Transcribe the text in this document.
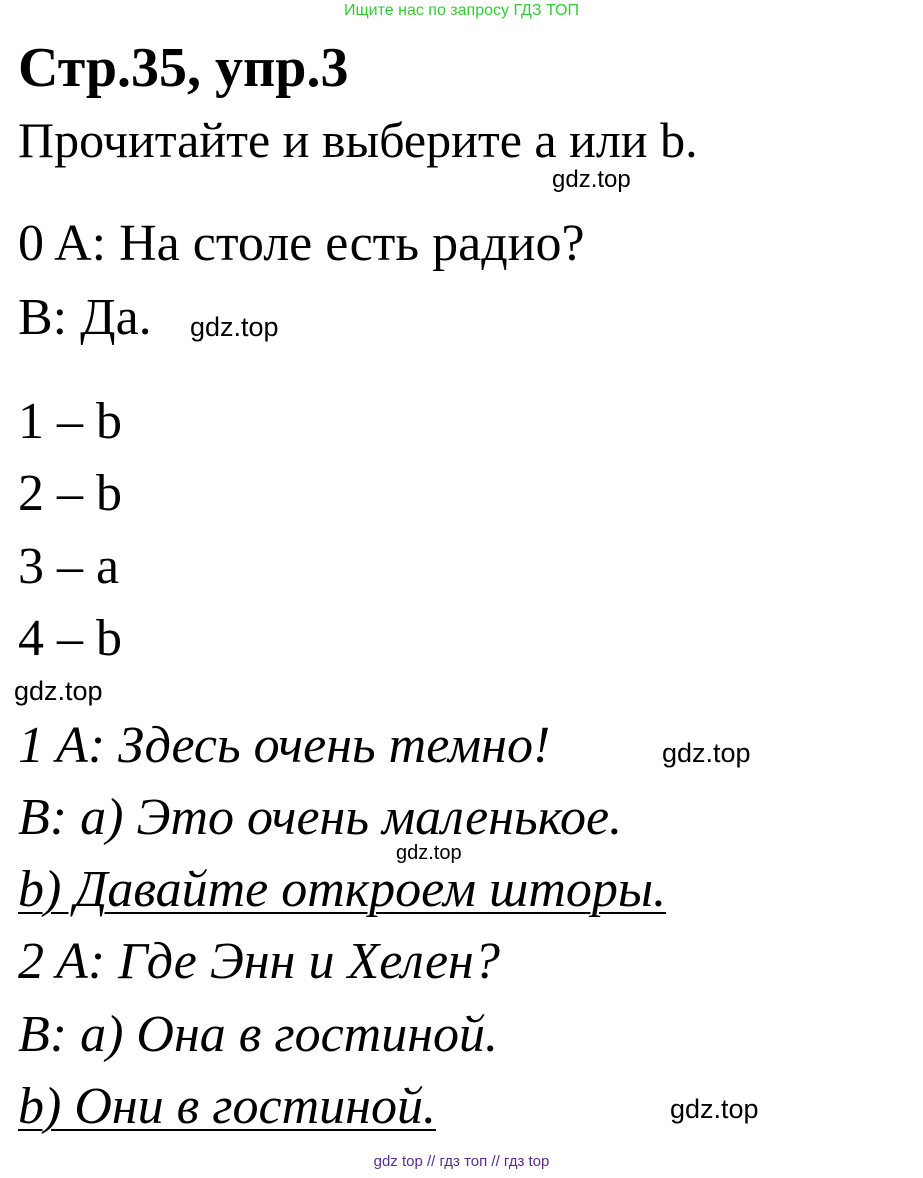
Ищите нас по запросу ГДЗ ТОП
Стр.35, упр.3
Прочитайте и выберите a или b.
gdz.top
0 A: На столе есть радио?
B: Да. gdz.top
1 – b
2 – b
3 – a
4 – b
gdz.top
1 A: Здесь очень темно!	gdz.top
B: a) Это очень маленькое.
gdz.top
b) Давайте откроем шторы.
2 A: Где Энн и Хелен?
B: a) Она в гостиной.
b) Они в гостиной.	gdz.top
gdz top // гдз топ // гдз top
